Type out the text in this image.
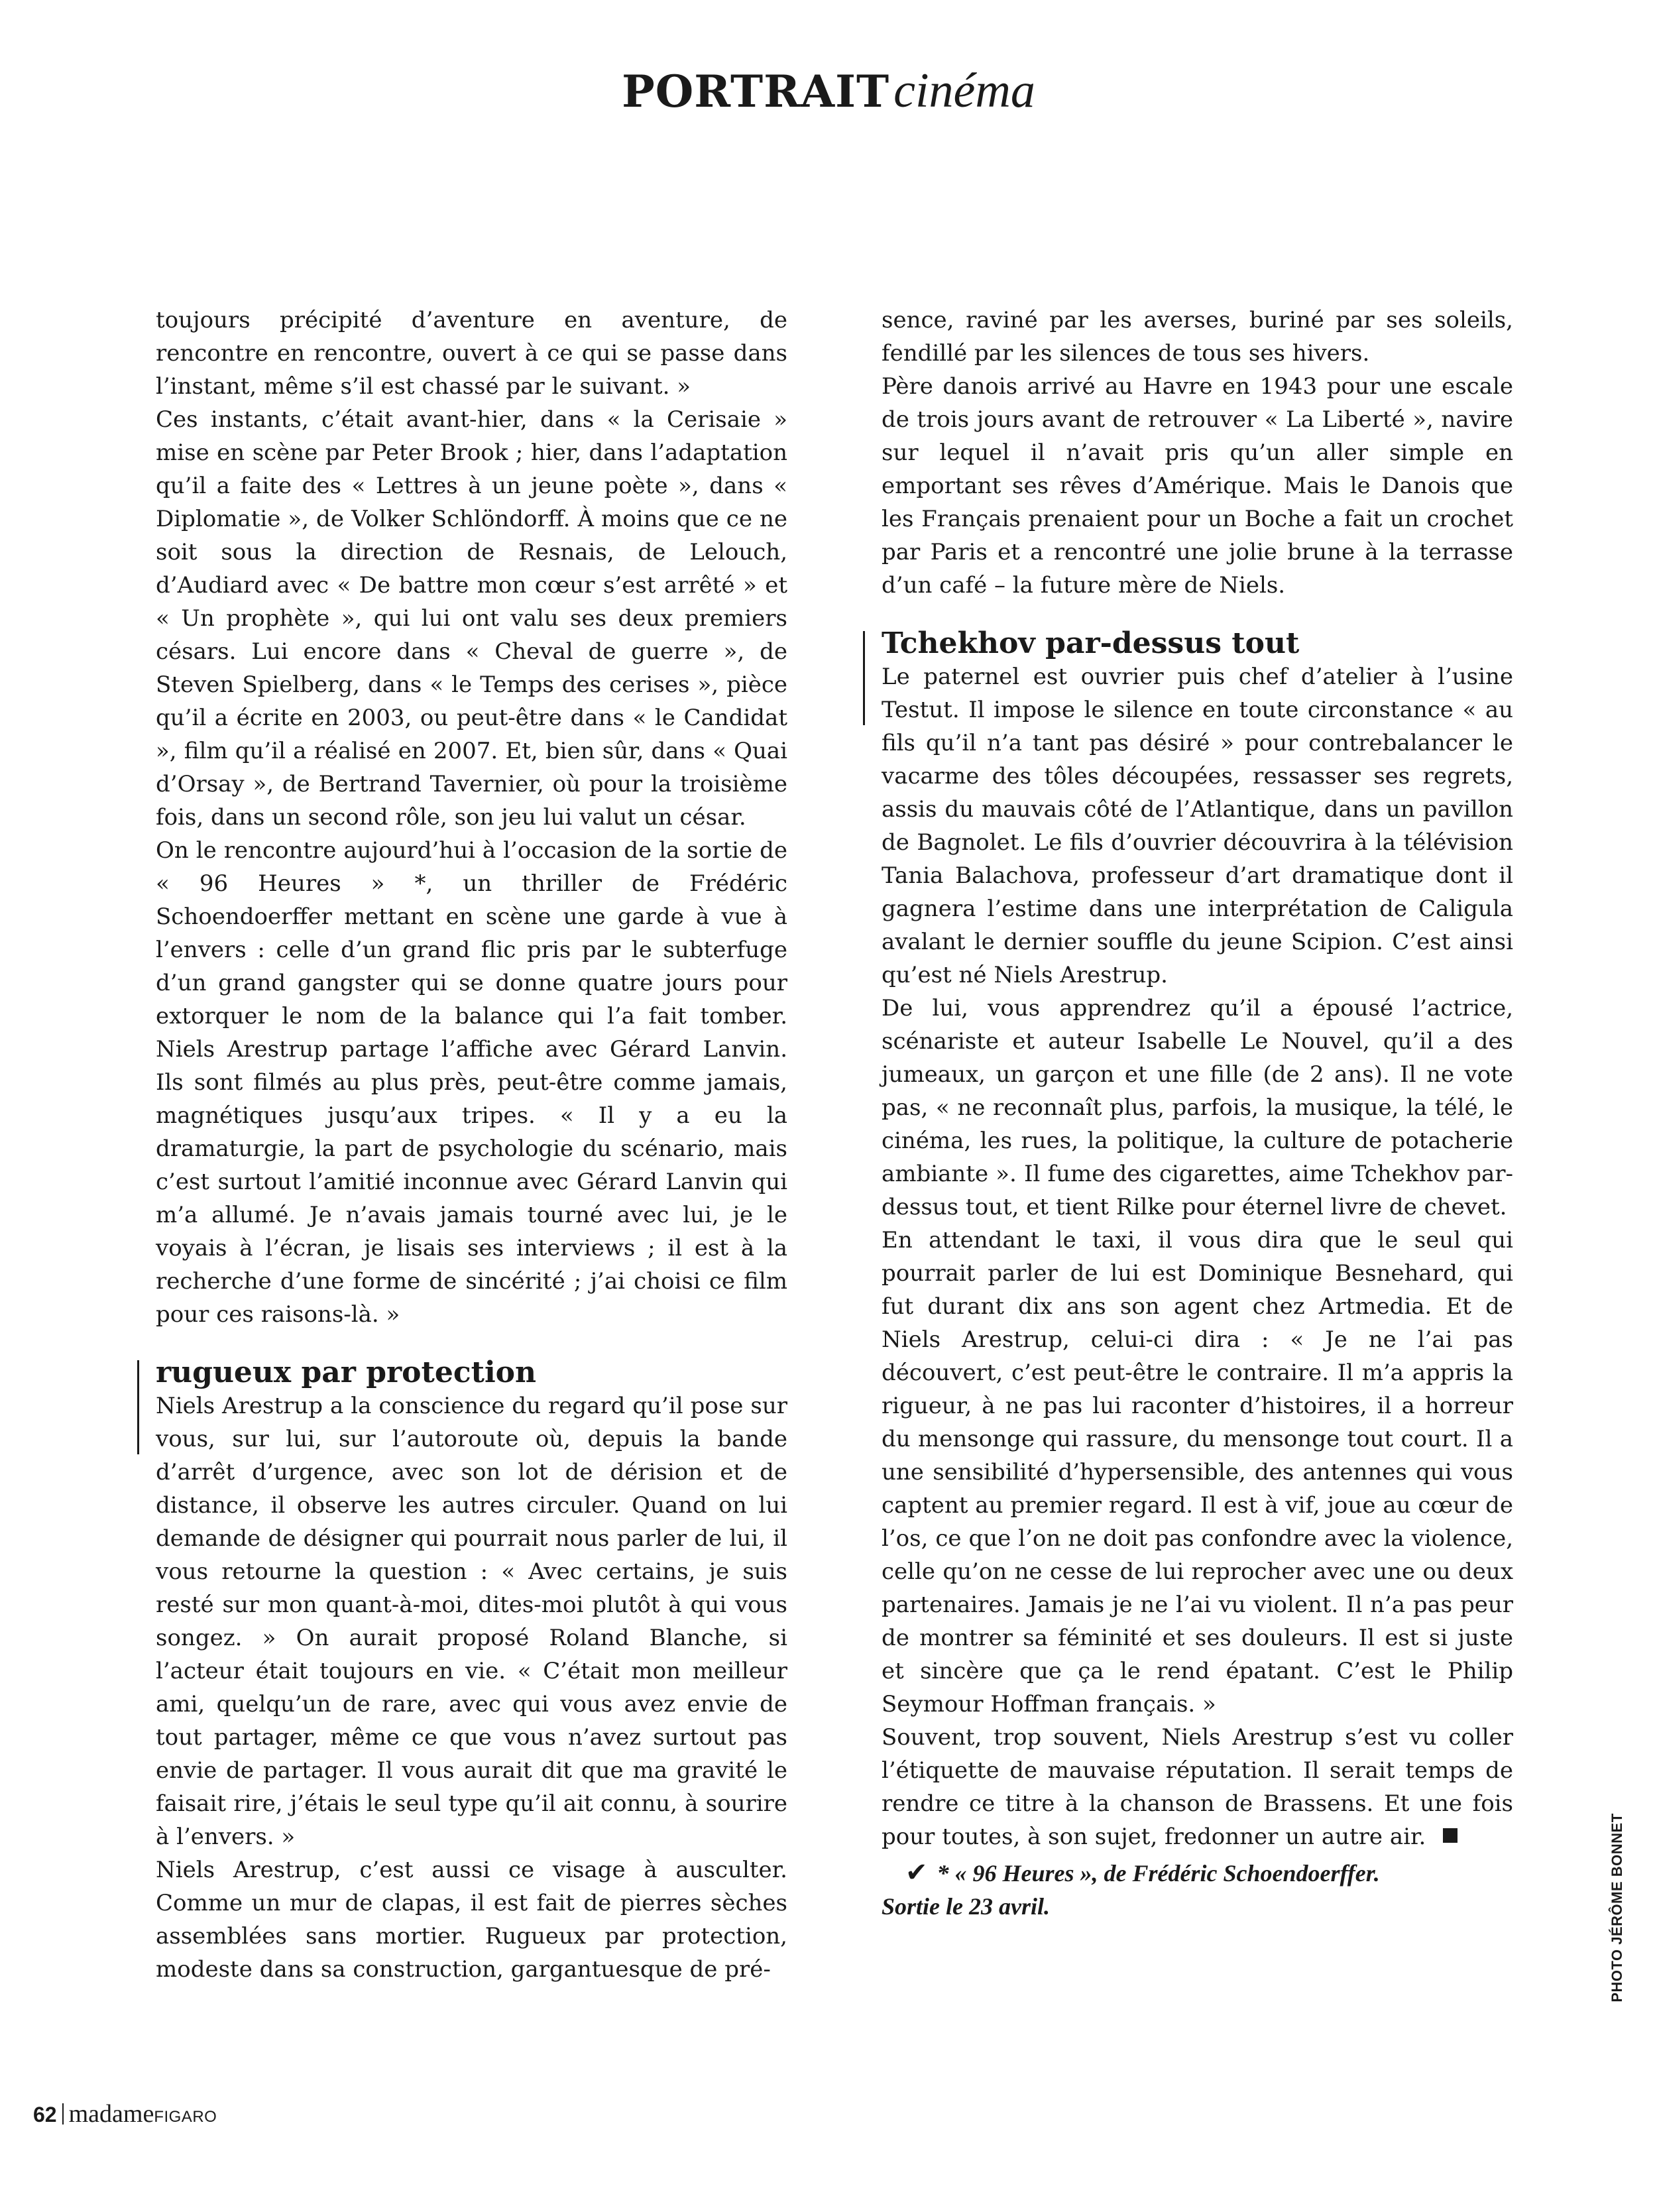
PORTRAITcinéma

toujours précipité d’aventure en aventure, de rencontre en rencontre, ouvert à ce qui se passe dans l’instant, même s’il est chassé par le suivant. »

Ces instants, c’était avant-hier, dans « la Cerisaie » mise en scène par Peter Brook ; hier, dans l’adaptation qu’il a faite des « Lettres à un jeune poète », dans « Diplomatie », de Volker Schlöndorff. À moins que ce ne soit sous la direction de Resnais, de Lelouch, d’Audiard avec « De battre mon cœur s’est arrêté » et « Un prophète », qui lui ont valu ses deux premiers césars. Lui encore dans « Cheval de guerre », de Steven Spielberg, dans « le Temps des cerises », pièce qu’il a écrite en 2003, ou peut-être dans « le Candidat », film qu’il a réalisé en 2007. Et, bien sûr, dans « Quai d’Orsay », de Bertrand Tavernier, où pour la troisième fois, dans un second rôle, son jeu lui valut un césar.

On le rencontre aujourd’hui à l’occasion de la sortie de « 96 Heures » *, un thriller de Frédéric Schoendoerffer mettant en scène une garde à vue à l’envers : celle d’un grand flic pris par le subterfuge d’un grand gangster qui se donne quatre jours pour extorquer le nom de la balance qui l’a fait tomber. Niels Arestrup partage l’affiche avec Gérard Lanvin. Ils sont filmés au plus près, peut-être comme jamais, magnétiques jusqu’aux tripes. « Il y a eu la dramaturgie, la part de psychologie du scénario, mais c’est surtout l’amitié inconnue avec Gérard Lanvin qui m’a allumé. Je n’avais jamais tourné avec lui, je le voyais à l’écran, je lisais ses interviews ; il est à la recherche d’une forme de sincérité ; j’ai choisi ce film pour ces raisons-là. »

rugueux par protection

Niels Arestrup a la conscience du regard qu’il pose sur vous, sur lui, sur l’autoroute où, depuis la bande d’arrêt d’urgence, avec son lot de dérision et de distance, il observe les autres circuler. Quand on lui demande de désigner qui pourrait nous parler de lui, il vous retourne la question : « Avec certains, je suis resté sur mon quant-à-moi, dites-moi plutôt à qui vous songez. » On aurait proposé Roland Blanche, si l’acteur était toujours en vie. « C’était mon meilleur ami, quelqu’un de rare, avec qui vous avez envie de tout partager, même ce que vous n’avez surtout pas envie de partager. Il vous aurait dit que ma gravité le faisait rire, j’étais le seul type qu’il ait connu, à sourire à l’envers. »

Niels Arestrup, c’est aussi ce visage à ausculter. Comme un mur de clapas, il est fait de pierres sèches assemblées sans mortier. Rugueux par protection, modeste dans sa construction, gargantuesque de pré-

sence, raviné par les averses, buriné par ses soleils, fendillé par les silences de tous ses hivers.

Père danois arrivé au Havre en 1943 pour une escale de trois jours avant de retrouver « La Liberté », navire sur lequel il n’avait pris qu’un aller simple en emportant ses rêves d’Amérique. Mais le Danois que les Français prenaient pour un Boche a fait un crochet par Paris et a rencontré une jolie brune à la terrasse d’un café – la future mère de Niels.

Tchekhov par-dessus tout

Le paternel est ouvrier puis chef d’atelier à l’usine Testut. Il impose le silence en toute circonstance « au fils qu’il n’a tant pas désiré » pour contrebalancer le vacarme des tôles découpées, ressasser ses regrets, assis du mauvais côté de l’Atlantique, dans un pavillon de Bagnolet. Le fils d’ouvrier découvrira à la télévision Tania Balachova, professeur d’art dramatique dont il gagnera l’estime dans une interprétation de Caligula avalant le dernier souffle du jeune Scipion. C’est ainsi qu’est né Niels Arestrup.

De lui, vous apprendrez qu’il a épousé l’actrice, scénariste et auteur Isabelle Le Nouvel, qu’il a des jumeaux, un garçon et une fille (de 2 ans). Il ne vote pas, « ne reconnaît plus, parfois, la musique, la télé, le cinéma, les rues, la politique, la culture de potacherie ambiante ». Il fume des cigarettes, aime Tchekhov par-dessus tout, et tient Rilke pour éternel livre de chevet.

En attendant le taxi, il vous dira que le seul qui pourrait parler de lui est Dominique Besnehard, qui fut durant dix ans son agent chez Artmedia. Et de Niels Arestrup, celui-ci dira : « Je ne l’ai pas découvert, c’est peut-être le contraire. Il m’a appris la rigueur, à ne pas lui raconter d’histoires, il a horreur du mensonge qui rassure, du mensonge tout court. Il a une sensibilité d’hypersensible, des antennes qui vous captent au premier regard. Il est à vif, joue au cœur de l’os, ce que l’on ne doit pas confondre avec la violence, celle qu’on ne cesse de lui reprocher avec une ou deux partenaires. Jamais je ne l’ai vu violent. Il n’a pas peur de montrer sa féminité et ses douleurs. Il est si juste et sincère que ça le rend épatant. C’est le Philip Seymour Hoffman français. »

Souvent, trop souvent, Niels Arestrup s’est vu coller l’étiquette de mauvaise réputation. Il serait temps de rendre ce titre à la chanson de Brassens. Et une fois pour toutes, à son sujet, fredonner un autre air.

✔ * « 96 Heures », de Frédéric Schoendoerffer.
Sortie le 23 avril.	PHOTO JÉRÔME BONNET
62 madameFIGARO
